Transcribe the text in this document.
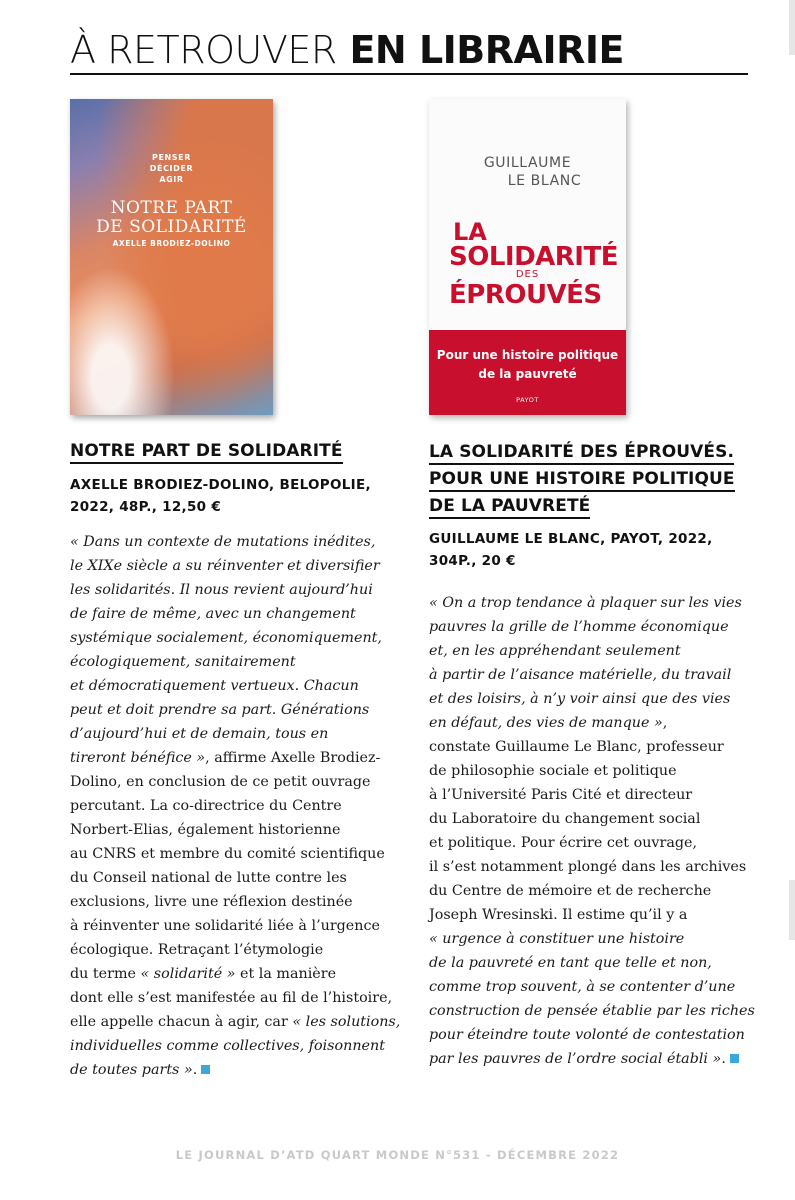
À RETROUVER EN LIBRAIRIE
PENSER
DÉCIDER
AGIR
NOTRE PART
DE SOLIDARITÉ
AXELLE BRODIEZ-DOLINO
GUILLAUME
LE BLANC
LA
SOLIDARITÉ
DES
ÉPROUVÉS
Pour une histoire politique
de la pauvreté
PAYOT
NOTRE PART DE SOLIDARITÉ
AXELLE BRODIEZ-DOLINO, BELOPOLIE,
2022, 48P., 12,50 €
« Dans un contexte de mutations inédites,
le XIXe siècle a su réinventer et diversifier
les solidarités. Il nous revient aujourd’hui
de faire de même, avec un changement
systémique socialement, économiquement,
écologiquement, sanitairement
et démocratiquement vertueux. Chacun
peut et doit prendre sa part. Générations
d’aujourd’hui et de demain, tous en
tireront bénéfice », affirme Axelle Brodiez-
Dolino, en conclusion de ce petit ouvrage
percutant. La co-directrice du Centre
Norbert-Elias, également historienne
au CNRS et membre du comité scientifique
du Conseil national de lutte contre les
exclusions, livre une réflexion destinée
à réinventer une solidarité liée à l’urgence
écologique. Retraçant l’étymologie
du terme « solidarité » et la manière
dont elle s’est manifestée au fil de l’histoire,
elle appelle chacun à agir, car « les solutions,
individuelles comme collectives, foisonnent
de toutes parts ».
LA SOLIDARITÉ DES ÉPROUVÉS.
POUR UNE HISTOIRE POLITIQUE
DE LA PAUVRETÉ
GUILLAUME LE BLANC, PAYOT, 2022,
304P., 20 €
« On a trop tendance à plaquer sur les vies
pauvres la grille de l’homme économique
et, en les appréhendant seulement
à partir de l’aisance matérielle, du travail
et des loisirs, à n’y voir ainsi que des vies
en défaut, des vies de manque »,
constate Guillaume Le Blanc, professeur
de philosophie sociale et politique
à l’Université Paris Cité et directeur
du Laboratoire du changement social
et politique. Pour écrire cet ouvrage,
il s’est notamment plongé dans les archives
du Centre de mémoire et de recherche
Joseph Wresinski. Il estime qu’il y a
« urgence à constituer une histoire
de la pauvreté en tant que telle et non,
comme trop souvent, à se contenter d’une
construction de pensée établie par les riches
pour éteindre toute volonté de contestation
par les pauvres de l’ordre social établi ».
LE JOURNAL D’ATD QUART MONDE N°531 - DÉCEMBRE 2022
